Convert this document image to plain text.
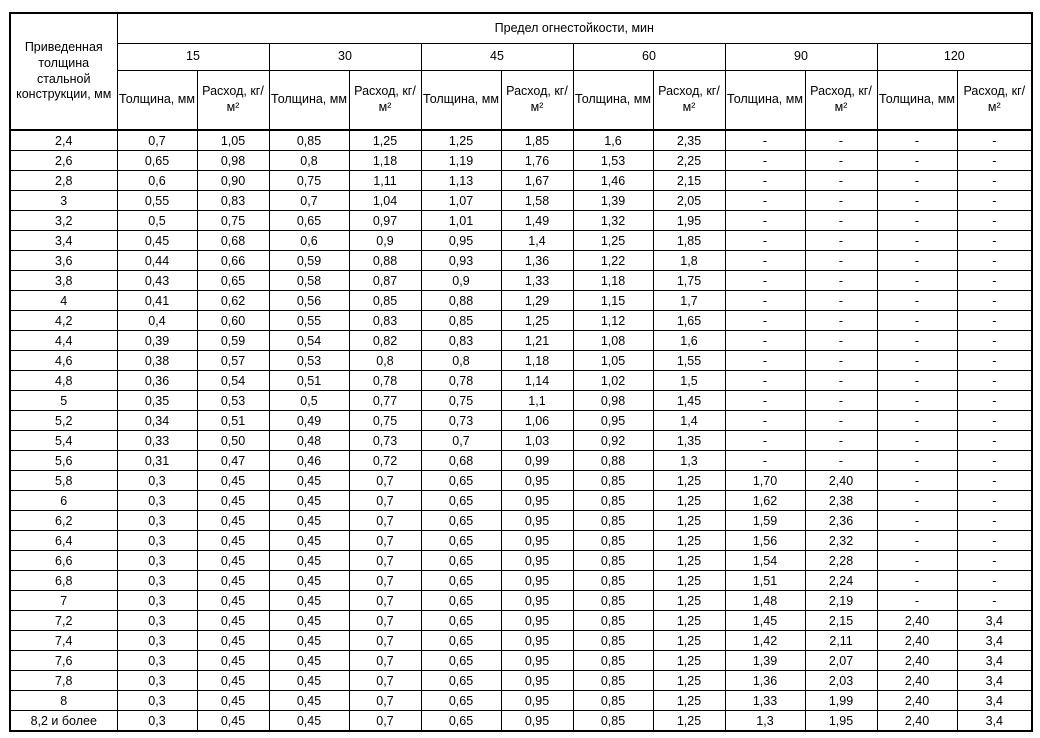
Приведенная толщина стальной конструкции, мм	Предел огнестойкости, мин											
	15		30		45		60		90		120	
	Толщина, мм	Расход, кг/м²	Толщина, мм	Расход, кг/м²	Толщина, мм	Расход, кг/м²	Толщина, мм	Расход, кг/м²	Толщина, мм	Расход, кг/м²	Толщина, мм	Расход, кг/м²
2,4	0,7	1,05	0,85	1,25	1,25	1,85	1,6	2,35	-	-	-	-
2,6	0,65	0,98	0,8	1,18	1,19	1,76	1,53	2,25	-	-	-	-
2,8	0,6	0,90	0,75	1,11	1,13	1,67	1,46	2,15	-	-	-	-
3	0,55	0,83	0,7	1,04	1,07	1,58	1,39	2,05	-	-	-	-
3,2	0,5	0,75	0,65	0,97	1,01	1,49	1,32	1,95	-	-	-	-
3,4	0,45	0,68	0,6	0,9	0,95	1,4	1,25	1,85	-	-	-	-
3,6	0,44	0,66	0,59	0,88	0,93	1,36	1,22	1,8	-	-	-	-
3,8	0,43	0,65	0,58	0,87	0,9	1,33	1,18	1,75	-	-	-	-
4	0,41	0,62	0,56	0,85	0,88	1,29	1,15	1,7	-	-	-	-
4,2	0,4	0,60	0,55	0,83	0,85	1,25	1,12	1,65	-	-	-	-
4,4	0,39	0,59	0,54	0,82	0,83	1,21	1,08	1,6	-	-	-	-
4,6	0,38	0,57	0,53	0,8	0,8	1,18	1,05	1,55	-	-	-	-
4,8	0,36	0,54	0,51	0,78	0,78	1,14	1,02	1,5	-	-	-	-
5	0,35	0,53	0,5	0,77	0,75	1,1	0,98	1,45	-	-	-	-
5,2	0,34	0,51	0,49	0,75	0,73	1,06	0,95	1,4	-	-	-	-
5,4	0,33	0,50	0,48	0,73	0,7	1,03	0,92	1,35	-	-	-	-
5,6	0,31	0,47	0,46	0,72	0,68	0,99	0,88	1,3	-	-	-	-
5,8	0,3	0,45	0,45	0,7	0,65	0,95	0,85	1,25	1,70	2,40	-	-
6	0,3	0,45	0,45	0,7	0,65	0,95	0,85	1,25	1,62	2,38	-	-
6,2	0,3	0,45	0,45	0,7	0,65	0,95	0,85	1,25	1,59	2,36	-	-
6,4	0,3	0,45	0,45	0,7	0,65	0,95	0,85	1,25	1,56	2,32	-	-
6,6	0,3	0,45	0,45	0,7	0,65	0,95	0,85	1,25	1,54	2,28	-	-
6,8	0,3	0,45	0,45	0,7	0,65	0,95	0,85	1,25	1,51	2,24	-	-
7	0,3	0,45	0,45	0,7	0,65	0,95	0,85	1,25	1,48	2,19	-	-
7,2	0,3	0,45	0,45	0,7	0,65	0,95	0,85	1,25	1,45	2,15	2,40	3,4
7,4	0,3	0,45	0,45	0,7	0,65	0,95	0,85	1,25	1,42	2,11	2,40	3,4
7,6	0,3	0,45	0,45	0,7	0,65	0,95	0,85	1,25	1,39	2,07	2,40	3,4
7,8	0,3	0,45	0,45	0,7	0,65	0,95	0,85	1,25	1,36	2,03	2,40	3,4
8	0,3	0,45	0,45	0,7	0,65	0,95	0,85	1,25	1,33	1,99	2,40	3,4
8,2 и более	0,3	0,45	0,45	0,7	0,65	0,95	0,85	1,25	1,3	1,95	2,40	3,4
